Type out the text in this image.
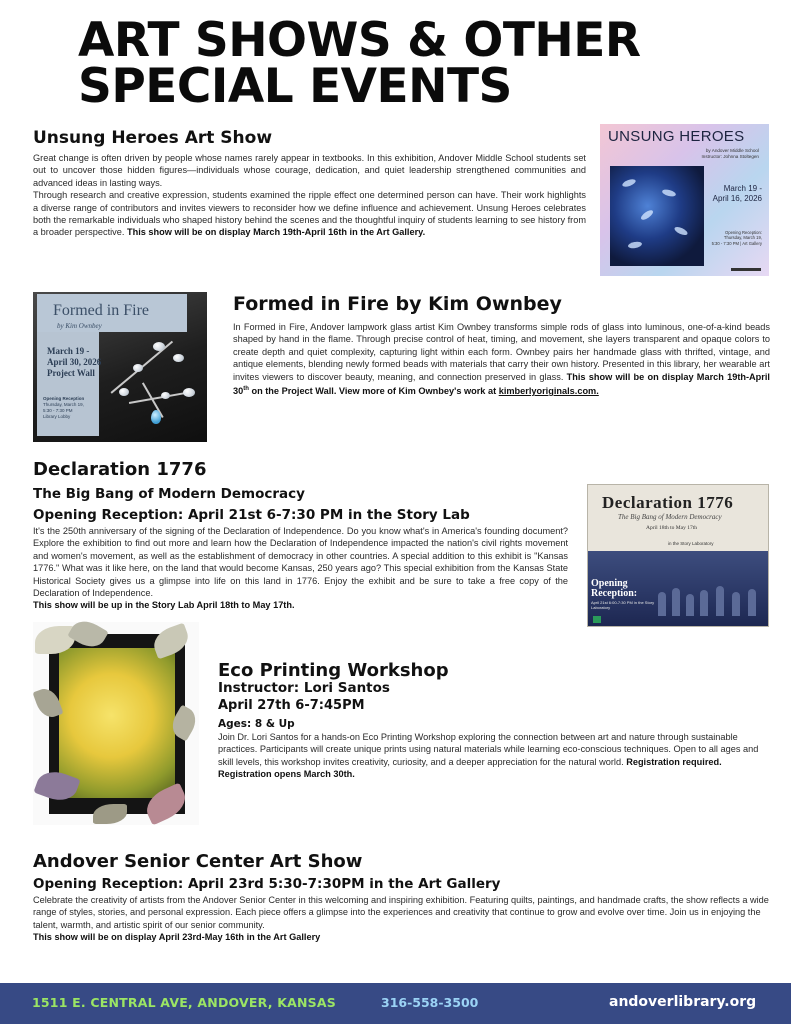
ART SHOWS & OTHER
SPECIAL EVENTS
Unsung Heroes Art Show
Great change is often driven by people whose names rarely appear in textbooks. In this exhibition, Andover Middle School students set out to uncover those hidden figures—individuals whose courage, dedication, and quiet leadership strengthened communities and advanced ideas in lasting ways.
Through research and creative expression, students examined the ripple effect one determined person can have. Their work highlights a diverse range of contributors and invites viewers to reconsider how we define influence and achievement. Unsung Heroes celebrates both the remarkable individuals who shaped history behind the scenes and the thoughtful inquiry of students learning to see history from a broader perspective. This show will be on display March 19th-April 16th in the Art Gallery.
UNSUNG HEROES
by Andover Middle School
Instructor: Johnna Stoltegen
March 19 -
April 16, 2026
Opening Reception:
Thursday, March 19,
5:30 - 7:30 PM | Art Gallery
Formed in Fire
by Kim Ownbey
March 19 -
April 30, 2026
Project Wall
Opening Reception
Thursday, March 19,
5:30 - 7:30 PM
Library Lobby
Formed in Fire by Kim Ownbey
In Formed in Fire, Andover lampwork glass artist Kim Ownbey transforms simple rods of glass into luminous, one-of-a-kind beads shaped by hand in the flame. Through precise control of heat, timing, and movement, she layers transparent and opaque colors to create depth and quiet complexity, capturing light within each form. Ownbey pairs her handmade glass with thrifted, vintage, and antique elements, blending newly formed beads with materials that carry their own history. Presented in this library, her wearable art invites viewers to discover beauty, meaning, and connection preserved in glass. This show will be on display March 19th-April 30th on the Project Wall. View more of Kim Ownbey's work at kimberlyoriginals.com.
Declaration 1776
The Big Bang of Modern Democracy
Opening Reception: April 21st 6-7:30 PM in the Story Lab
It's the 250th anniversary of the signing of the Declaration of Independence. Do you know what's in America's founding document? Explore the exhibition to find out more and learn how the Declaration of Independence impacted the nation's civil rights movement and women's movement, as well as the establishment of democracy in other countries. A special addition to this exhibit is "Kansas 1776." What was it like here, on the land that would become Kansas, 250 years ago? This special exhibition from the Kansas State Historical Society gives us a glimpse into life on this land in 1776. Enjoy the exhibit and be sure to take a free copy of the Declaration of Independence.
This show will be up in the Story Lab April 18th to May 17th.
Declaration 1776
The Big Bang of Modern Democracy
April 18th to May 17th
in the Story Laboratory
Opening
Reception:
April 21st 6:00-7:30 PM in the Story Laboratory
Eco Printing Workshop
Instructor: Lori Santos
April 27th 6-7:45PM
Ages: 8 & Up
Join Dr. Lori Santos for a hands-on Eco Printing Workshop exploring the connection between art and nature through sustainable practices. Participants will create unique prints using natural materials while learning eco-conscious techniques. Open to all ages and skill levels, this workshop invites creativity, curiosity, and a deeper appreciation for the natural world. Registration required. Registration opens March 30th.
Andover Senior Center Art Show
Opening Reception: April 23rd 5:30-7:30PM in the Art Gallery
Celebrate the creativity of artists from the Andover Senior Center in this welcoming and inspiring exhibition. Featuring quilts, paintings, and handmade crafts, the show reflects a wide range of styles, stories, and personal expression. Each piece offers a glimpse into the experiences and creativity that continue to grow and evolve over time. Join us in enjoying the talent, warmth, and artistic spirit of our senior community.
This show will be on display April 23rd-May 16th in the Art Gallery
1511 E. CENTRAL AVE, ANDOVER, KANSAS	316-558-3500	andoverlibrary.org
